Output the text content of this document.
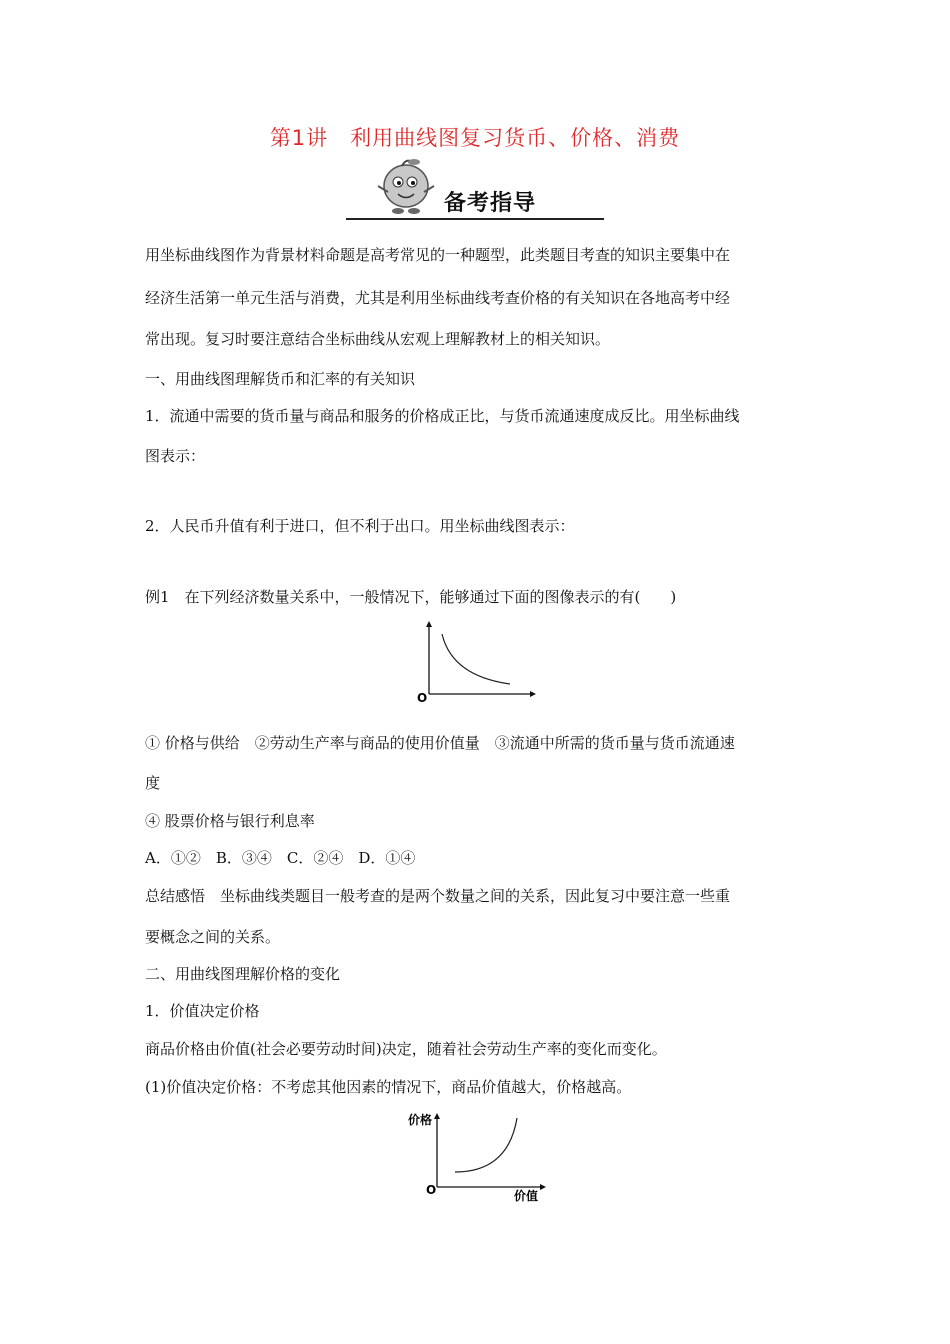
第1讲　利用曲线图复习货币、价格、消费
备考指导
用坐标曲线图作为背景材料命题是高考常见的一种题型，此类题目考查的知识主要集中在
经济生活第一单元生活与消费，尤其是利用坐标曲线考查价格的有关知识在各地高考中经
常出现。复习时要注意结合坐标曲线从宏观上理解教材上的相关知识。
一、用曲线图理解货币和汇率的有关知识
1．流通中需要的货币量与商品和服务的价格成正比，与货币流通速度成反比。用坐标曲线
图表示：
2．人民币升值有利于进口，但不利于出口。用坐标曲线图表示：
例1　在下列经济数量关系中，一般情况下，能够通过下面的图像表示的有(　　)
O
① 价格与供给　②劳动生产率与商品的使用价值量　③流通中所需的货币量与货币流通速
度
④ 股票价格与银行利息率
A．①②　B．③④　C．②④　D．①④
总结感悟　坐标曲线类题目一般考查的是两个数量之间的关系，因此复习中要注意一些重
要概念之间的关系。
二、用曲线图理解价格的变化
1．价值决定价格
商品价格由价值(社会必要劳动时间)决定，随着社会劳动生产率的变化而变化。
(1)价值决定价格：不考虑其他因素的情况下，商品价值越大，价格越高。
价格
O	价值
